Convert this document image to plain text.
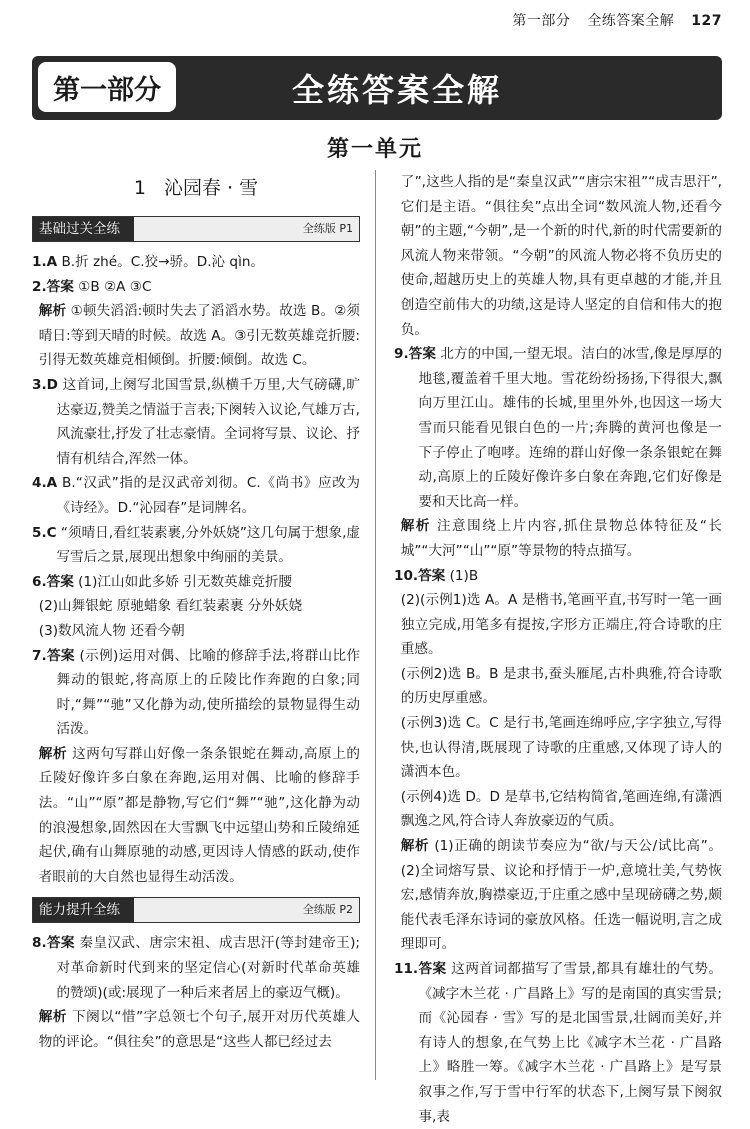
第一部分 全练答案全解 127
第一部分	全练答案全解
第一单元
1 沁园春 · 雪
基础过关全练	全练版 P1

1.A B.折 zhé。C.狡→骄。D.沁 qìn。

2.答案 ①B ②A ③C

解析 ①顿失滔滔:顿时失去了滔滔水势。故选 B。②须晴日:等到天晴的时候。故选 A。③引无数英雄竞折腰:引得无数英雄竞相倾倒。折腰:倾倒。故选 C。

3.D 这首词,上阕写北国雪景,纵横千万里,大气磅礴,旷达豪迈,赞美之情溢于言表;下阕转入议论,气雄万古,风流豪壮,抒发了壮志豪情。全词将写景、议论、抒情有机结合,浑然一体。

4.A B.“汉武”指的是汉武帝刘彻。C.《尚书》应改为《诗经》。D.“沁园春”是词牌名。

5.C “须晴日,看红装素裹,分外妖娆”这几句属于想象,虚写雪后之景,展现出想象中绚丽的美景。

6.答案 (1)江山如此多娇 引无数英雄竞折腰

(2)山舞银蛇 原驰蜡象 看红装素裹 分外妖娆

(3)数风流人物 还看今朝

7.答案 (示例)运用对偶、比喻的修辞手法,将群山比作舞动的银蛇,将高原上的丘陵比作奔跑的白象;同时,“舞”“驰”又化静为动,使所描绘的景物显得生动活泼。

解析 这两句写群山好像一条条银蛇在舞动,高原上的丘陵好像许多白象在奔跑,运用对偶、比喻的修辞手法。“山”“原”都是静物,写它们“舞”“驰”,这化静为动的浪漫想象,固然因在大雪飘飞中远望山势和丘陵绵延起伏,确有山舞原驰的动感,更因诗人情感的跃动,使作者眼前的大自然也显得生动活泼。

能力提升全练	全练版 P2

8.答案 秦皇汉武、唐宗宋祖、成吉思汗(等封建帝王);对革命新时代到来的坚定信心(对新时代革命英雄的赞颂)(或:展现了一种后来者居上的豪迈气概)。

解析 下阕以“惜”字总领七个句子,展开对历代英雄人物的评论。“俱往矣”的意思是“这些人都已经过去

了”,这些人指的是“秦皇汉武”“唐宗宋祖”“成吉思汗”,它们是主语。“俱往矣”点出全词“数风流人物,还看今朝”的主题,“今朝”,是一个新的时代,新的时代需要新的风流人物来带领。“今朝”的风流人物必将不负历史的使命,超越历史上的英雄人物,具有更卓越的才能,并且创造空前伟大的功绩,这是诗人坚定的自信和伟大的抱负。

9.答案 北方的中国,一望无垠。洁白的冰雪,像是厚厚的地毯,覆盖着千里大地。雪花纷纷扬扬,下得很大,飘向万里江山。雄伟的长城,里里外外,也因这一场大雪而只能看见银白色的一片;奔腾的黄河也像是一下子停止了咆哮。连绵的群山好像一条条银蛇在舞动,高原上的丘陵好像许多白象在奔跑,它们好像是要和天比高一样。

解析 注意围绕上片内容,抓住景物总体特征及“长城”“大河”“山”“原”等景物的特点描写。

10.答案 (1)B

(2)(示例1)选 A。A 是楷书,笔画平直,书写时一笔一画独立完成,用笔多有提按,字形方正端庄,符合诗歌的庄重感。

(示例2)选 B。B 是隶书,蚕头雁尾,古朴典雅,符合诗歌的历史厚重感。

(示例3)选 C。C 是行书,笔画连绵呼应,字字独立,写得快,也认得清,既展现了诗歌的庄重感,又体现了诗人的潇洒本色。

(示例4)选 D。D 是草书,它结构简省,笔画连绵,有潇洒飘逸之风,符合诗人奔放豪迈的气质。

解析 (1)正确的朗读节奏应为“欲/与天公/试比高”。(2)全词熔写景、议论和抒情于一炉,意境壮美,气势恢宏,感情奔放,胸襟豪迈,于庄重之感中呈现磅礴之势,颇能代表毛泽东诗词的豪放风格。任选一幅说明,言之成理即可。

11.答案 这两首词都描写了雪景,都具有雄壮的气势。《减字木兰花 · 广昌路上》写的是南国的真实雪景;而《沁园春 · 雪》写的是北国雪景,壮阔而美好,并有诗人的想象,在气势上比《减字木兰花 · 广昌路上》略胜一筹。《减字木兰花 · 广昌路上》是写景叙事之作,写于雪中行军的状态下,上阕写景下阕叙事,表
